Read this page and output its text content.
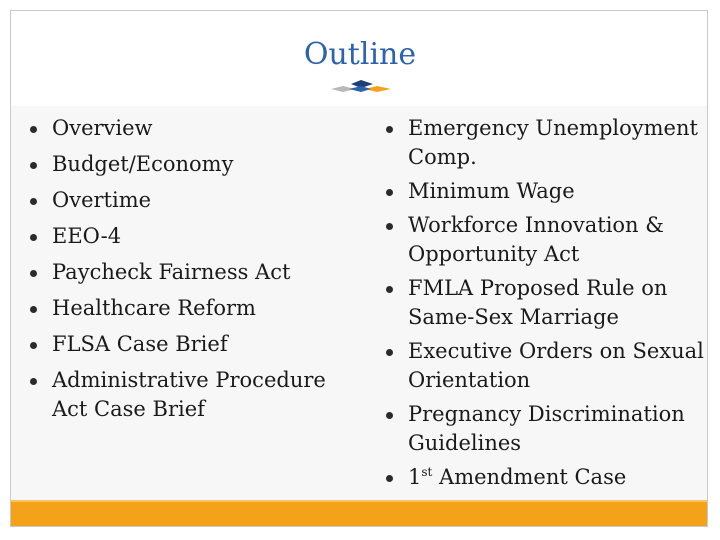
Outline
Overview
Budget/Economy
Overtime
EEO-4
Paycheck Fairness Act
Healthcare Reform
FLSA Case Brief
Administrative Procedure Act Case Brief
Emergency Unemployment Comp.
Minimum Wage
Workforce Innovation & Opportunity Act
FMLA Proposed Rule on Same-Sex Marriage
Executive Orders on Sexual Orientation
Pregnancy Discrimination Guidelines
1st Amendment Case
